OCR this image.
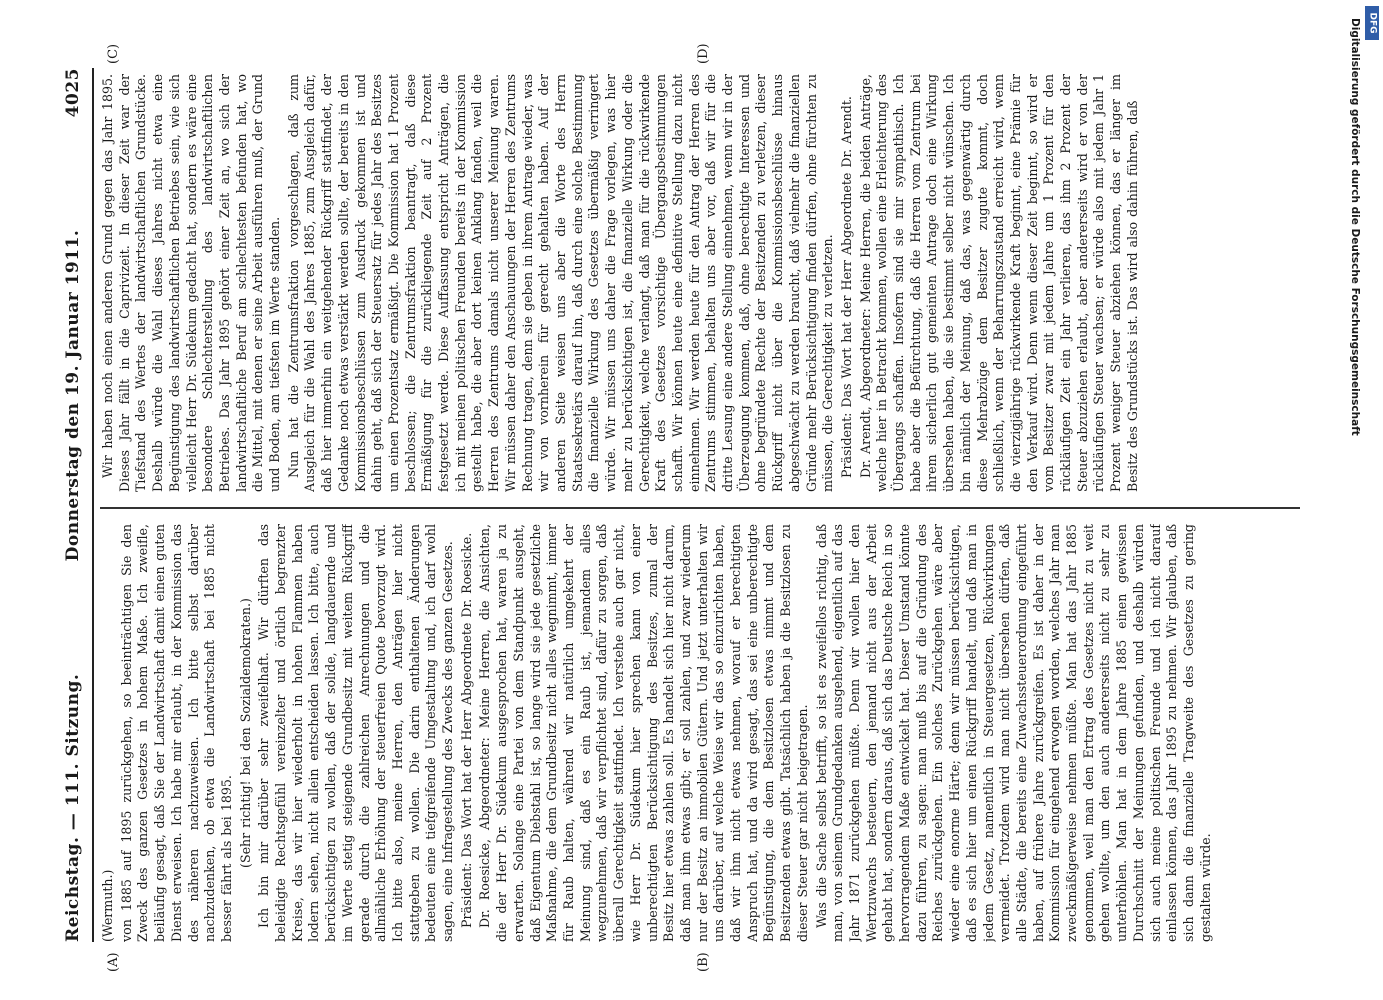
Reichstag. — 111. Sitzung.
Donnerstag den 19. Januar 1911.
4025

(Wermuth.) von 1885 auf 1895 zurückgehen, so beeinträchtigen Sie den Zweck des ganzen Gesetzes in hohem Maße. Ich zweifle, beiläufig gesagt, daß Sie der Landwirtschaft damit einen guten Dienst erweisen. Ich habe mir erlaubt, in der Kommission das des näheren nachzuweisen. Ich bitte selbst darüber nachzudenken, ob etwa die Landwirtschaft bei 1885 nicht besser fährt als bei 1895. (Sehr richtig! bei den Sozialdemokraten.) Ich bin mir darüber sehr zweifelhaft. Wir dürften das beleidigte Rechtsgefühl vereinzelter und örtlich begrenzter Kreise, das wir hier wiederholt in hohen Flammen haben lodern sehen, nicht allein entscheiden lassen. Ich bitte, auch berücksichtigen zu wollen, daß der solide, langdauernde und im Werte stetig steigende Grundbesitz mit weitem Rückgriff gerade durch die zahlreichen Anrechnungen und die allmähliche Erhöhung der steuerfreien Quote bevorzugt wird. Ich bitte also, meine Herren, den Anträgen hier nicht stattgeben zu wollen. Die darin enthaltenen Änderungen bedeuten eine tiefgreifende Umgestaltung und, ich darf wohl sagen, eine Infragestellung des Zwecks des ganzen Gesetzes. Präsident: Das Wort hat der Herr Abgeordnete Dr. Roesicke. Dr. Roesicke, Abgeordneter: Meine Herren, die Ansichten, die der Herr Dr. Südekum ausgesprochen hat, waren ja zu erwarten. Solange eine Partei von dem Standpunkt ausgeht, daß Eigentum Diebstahl ist, so lange wird sie jede gesetzliche Maßnahme, die dem Grundbesitz nicht alles wegnimmt, immer für Raub halten, während wir natürlich umgekehrt der Meinung sind, daß es ein Raub ist, jemandem alles wegzunehmen, daß wir verpflichtet sind, dafür zu sorgen, daß überall Gerechtigkeit stattfindet. Ich verstehe auch gar nicht, wie Herr Dr. Südekum hier sprechen kann von einer unberechtigten Berücksichtigung des Besitzes, zumal der Besitz hier etwas zahlen soll. Es handelt sich hier nicht darum, daß man ihm etwas gibt; er soll zahlen, und zwar wiederum nur der Besitz an immobilen Gütern. Und jetzt unterhalten wir uns darüber, auf welche Weise wir das so einzurichten haben, daß wir ihm nicht etwas nehmen, worauf er berechtigten Anspruch hat, und da wird gesagt, das sei eine unberechtigte Begünstigung, die dem Besitzlosen etwas nimmt und dem Besitzenden etwas gibt. Tatsächlich haben ja die Besitzlosen zu dieser Steuer gar nicht beigetragen. Was die Sache selbst betrifft, so ist es zweifellos richtig, daß man, von seinem Grundgedanken ausgehend, eigentlich auf das Jahr 1871 zurückgehen müßte. Denn wir wollen hier den Wertzuwachs besteuern, den jemand nicht aus der Arbeit gehabt hat, sondern daraus, daß sich das Deutsche Reich in so hervorragendem Maße entwickelt hat. Dieser Umstand könnte dazu führen, zu sagen: man muß bis auf die Gründung des Reiches zurückgehen. Ein solches Zurückgehen wäre aber wieder eine enorme Härte; denn wir müssen berücksichtigen, daß es sich hier um einen Rückgriff handelt, und daß man in jedem Gesetz, namentlich in Steuergesetzen, Rückwirkungen vermeidet. Trotzdem wird man nicht übersehen dürfen, daß alle Städte, die bereits eine Zuwachssteuerordnung eingeführt haben, auf frühere Jahre zurückgreifen. Es ist daher in der Kommission für eingehend erwogen worden, welches Jahr man zweckmäßigerweise nehmen müßte. Man hat das Jahr 1885 genommen, weil man den Ertrag des Gesetzes nicht zu weit gehen wollte, um den auch andererseits nicht zu sehr zu unterhöhlen. Man hat in dem Jahre 1885 einen gewissen Durchschnitt der Meinungen gefunden, und deshalb würden sich auch meine politischen Freunde und ich nicht darauf einlassen können, das Jahr 1895 zu nehmen. Wir glauben, daß sich dann die finanzielle Tragweite des Gesetzes zu gering gestalten würde.

Wir haben noch einen anderen Grund gegen das Jahr 1895. Dieses Jahr fällt in die Caprivizeit. In dieser Zeit war der Tiefstand des Wertes der landwirtschaftlichen Grundstücke. Deshalb würde die Wahl dieses Jahres nicht etwa eine Begünstigung des landwirtschaftlichen Betriebes sein, wie sich vielleicht Herr Dr. Südekum gedacht hat, sondern es wäre eine besondere Schlechterstellung des landwirtschaftlichen Betriebes. Das Jahr 1895 gehört einer Zeit an, wo sich der landwirtschaftliche Beruf am schlechtesten befunden hat, wo die Mittel, mit denen er seine Arbeit ausführen muß, der Grund und Boden, am tiefsten im Werte standen. Nun hat die Zentrumsfraktion vorgeschlagen, daß zum Ausgleich für die Wahl des Jahres 1885, zum Ausgleich dafür, daß hier immerhin ein weitgehender Rückgriff stattfindet, der Gedanke noch etwas verstärkt werden sollte, der bereits in den Kommissionsbeschlüssen zum Ausdruck gekommen ist und dahin geht, daß sich der Steuersatz für jedes Jahr des Besitzes um einen Prozentsatz ermäßigt. Die Kommission hat 1 Prozent beschlossen; die Zentrumsfraktion beantragt, daß diese Ermäßigung für die zurückliegende Zeit auf 2 Prozent festgesetzt werde. Diese Auffassung entspricht Anträgen, die ich mit meinen politischen Freunden bereits in der Kommission gestellt habe, die aber dort keinen Anklang fanden, weil die Herren des Zentrums damals nicht unserer Meinung waren. Wir müssen daher den Anschauungen der Herren des Zentrums Rechnung tragen, denn sie geben in ihrem Antrage wieder, was wir von vornherein für gerecht gehalten haben. Auf der anderen Seite weisen uns aber die Worte des Herrn Staatssekretärs darauf hin, daß durch eine solche Bestimmung die finanzielle Wirkung des Gesetzes übermäßig verringert würde. Wir müssen uns daher die Frage vorlegen, was hier mehr zu berücksichtigen ist, die finanzielle Wirkung oder die Gerechtigkeit, welche verlangt, daß man für die rückwirkende Kraft des Gesetzes vorsichtige Übergangsbestimmungen schafft. Wir können heute eine definitive Stellung dazu nicht einnehmen. Wir werden heute für den Antrag der Herren des Zentrums stimmen, behalten uns aber vor, daß wir für die dritte Lesung eine andere Stellung einnehmen, wenn wir in der Überzeugung kommen, daß, ohne berechtigte Interessen und ohne begründete Rechte der Besitzenden zu verletzen, dieser Rückgriff nicht über die Kommissionsbeschlüsse hinaus abgeschwächt zu werden braucht, daß vielmehr die finanziellen Gründe mehr Berücksichtigung finden dürfen, ohne fürchten zu müssen, die Gerechtigkeit zu verletzen. Präsident: Das Wort hat der Herr Abgeordnete Dr. Arendt. Dr. Arendt, Abgeordneter: Meine Herren, die beiden Anträge, welche hier in Betracht kommen, wollen eine Erleichterung des Übergangs schaffen. Insofern sind sie mir sympathisch. Ich habe aber die Befürchtung, daß die Herren vom Zentrum bei ihrem sicherlich gut gemeinten Antrage doch eine Wirkung übersehen haben, die sie bestimmt selber nicht wünschen. Ich bin nämlich der Meinung, daß das, was gegenwärtig durch diese Mehrabzüge dem Besitzer zugute kommt, doch schließlich, wenn der Beharrungszustand erreicht wird, wenn die vierzigjährige rückwirkende Kraft beginnt, eine Prämie für den Verkauf wird. Denn wenn dieser Zeit beginnt, so wird er vom Besitzer zwar mit jedem Jahre um 1 Prozent für den rückläufigen Zeit ein Jahr verlieren, das ihm 2 Prozent der Steuer abzuziehen erlaubt, aber andererseits wird er von der rückläufigen Steuer wachsen; er würde also mit jedem Jahr 1 Prozent weniger Steuer abziehen können, das er länger im Besitz des Grundstücks ist. Das wird also dahin führen, daß

(A)	(B)
(C)	(D)	Digitalisierung gefördert durch die Deutsche Forschungsgemeinschaft DFG
